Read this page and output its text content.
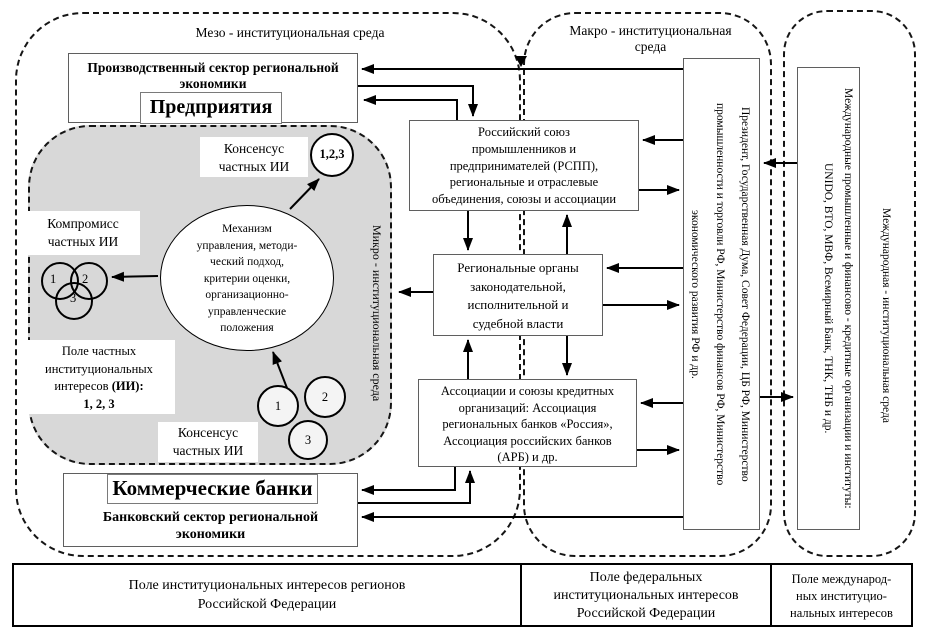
Мезо - институциональная среда	Макро - институциональная
среда
Микро - институциональная среда
Производственный сектор региональной
экономики
Предприятия
Консенсус
частных ИИ
1,2,3
Механизм
управления, методи-
ческий подход,
критерии оценки,
организационно-
управленческие
положения
Компромисс
частных ИИ
1 2
3
Поле частных
институциональных
интересов (ИИ):
1, 2, 3
Консенсус
частных ИИ
1
2
3
Банковский сектор региональной
экономики
Коммерческие банки
Российский союз
промышленников и
предпринимателей (РСПП),
региональные и отраслевые
объединения, союзы и ассоциации
Региональные органы
законодательной,
исполнительной и
судебной власти
Ассоциации и союзы кредитных
организаций: Ассоциация
региональных банков «Россия»,
Ассоциация российских банков
(АРБ) и др.	Президент, Государственная Дума, Совет Федерации, ЦБ РФ, Министерство промышленности и торговли РФ, Министерство финансов РФ, Министерство экономического развития РФ и др.	Международные промышленные и финансово - кредитные организации и институты: UNIDO, ВТО, МВФ, Всемирный Банк, ТНК, ТНБ и др.	Международная - институциональная среда
Поле институциональных интересов регионов
Российской Федерации
Поле федеральных
институциональных интересов
Российской Федерации
Поле международ-
ных институцио-
нальных интересов
